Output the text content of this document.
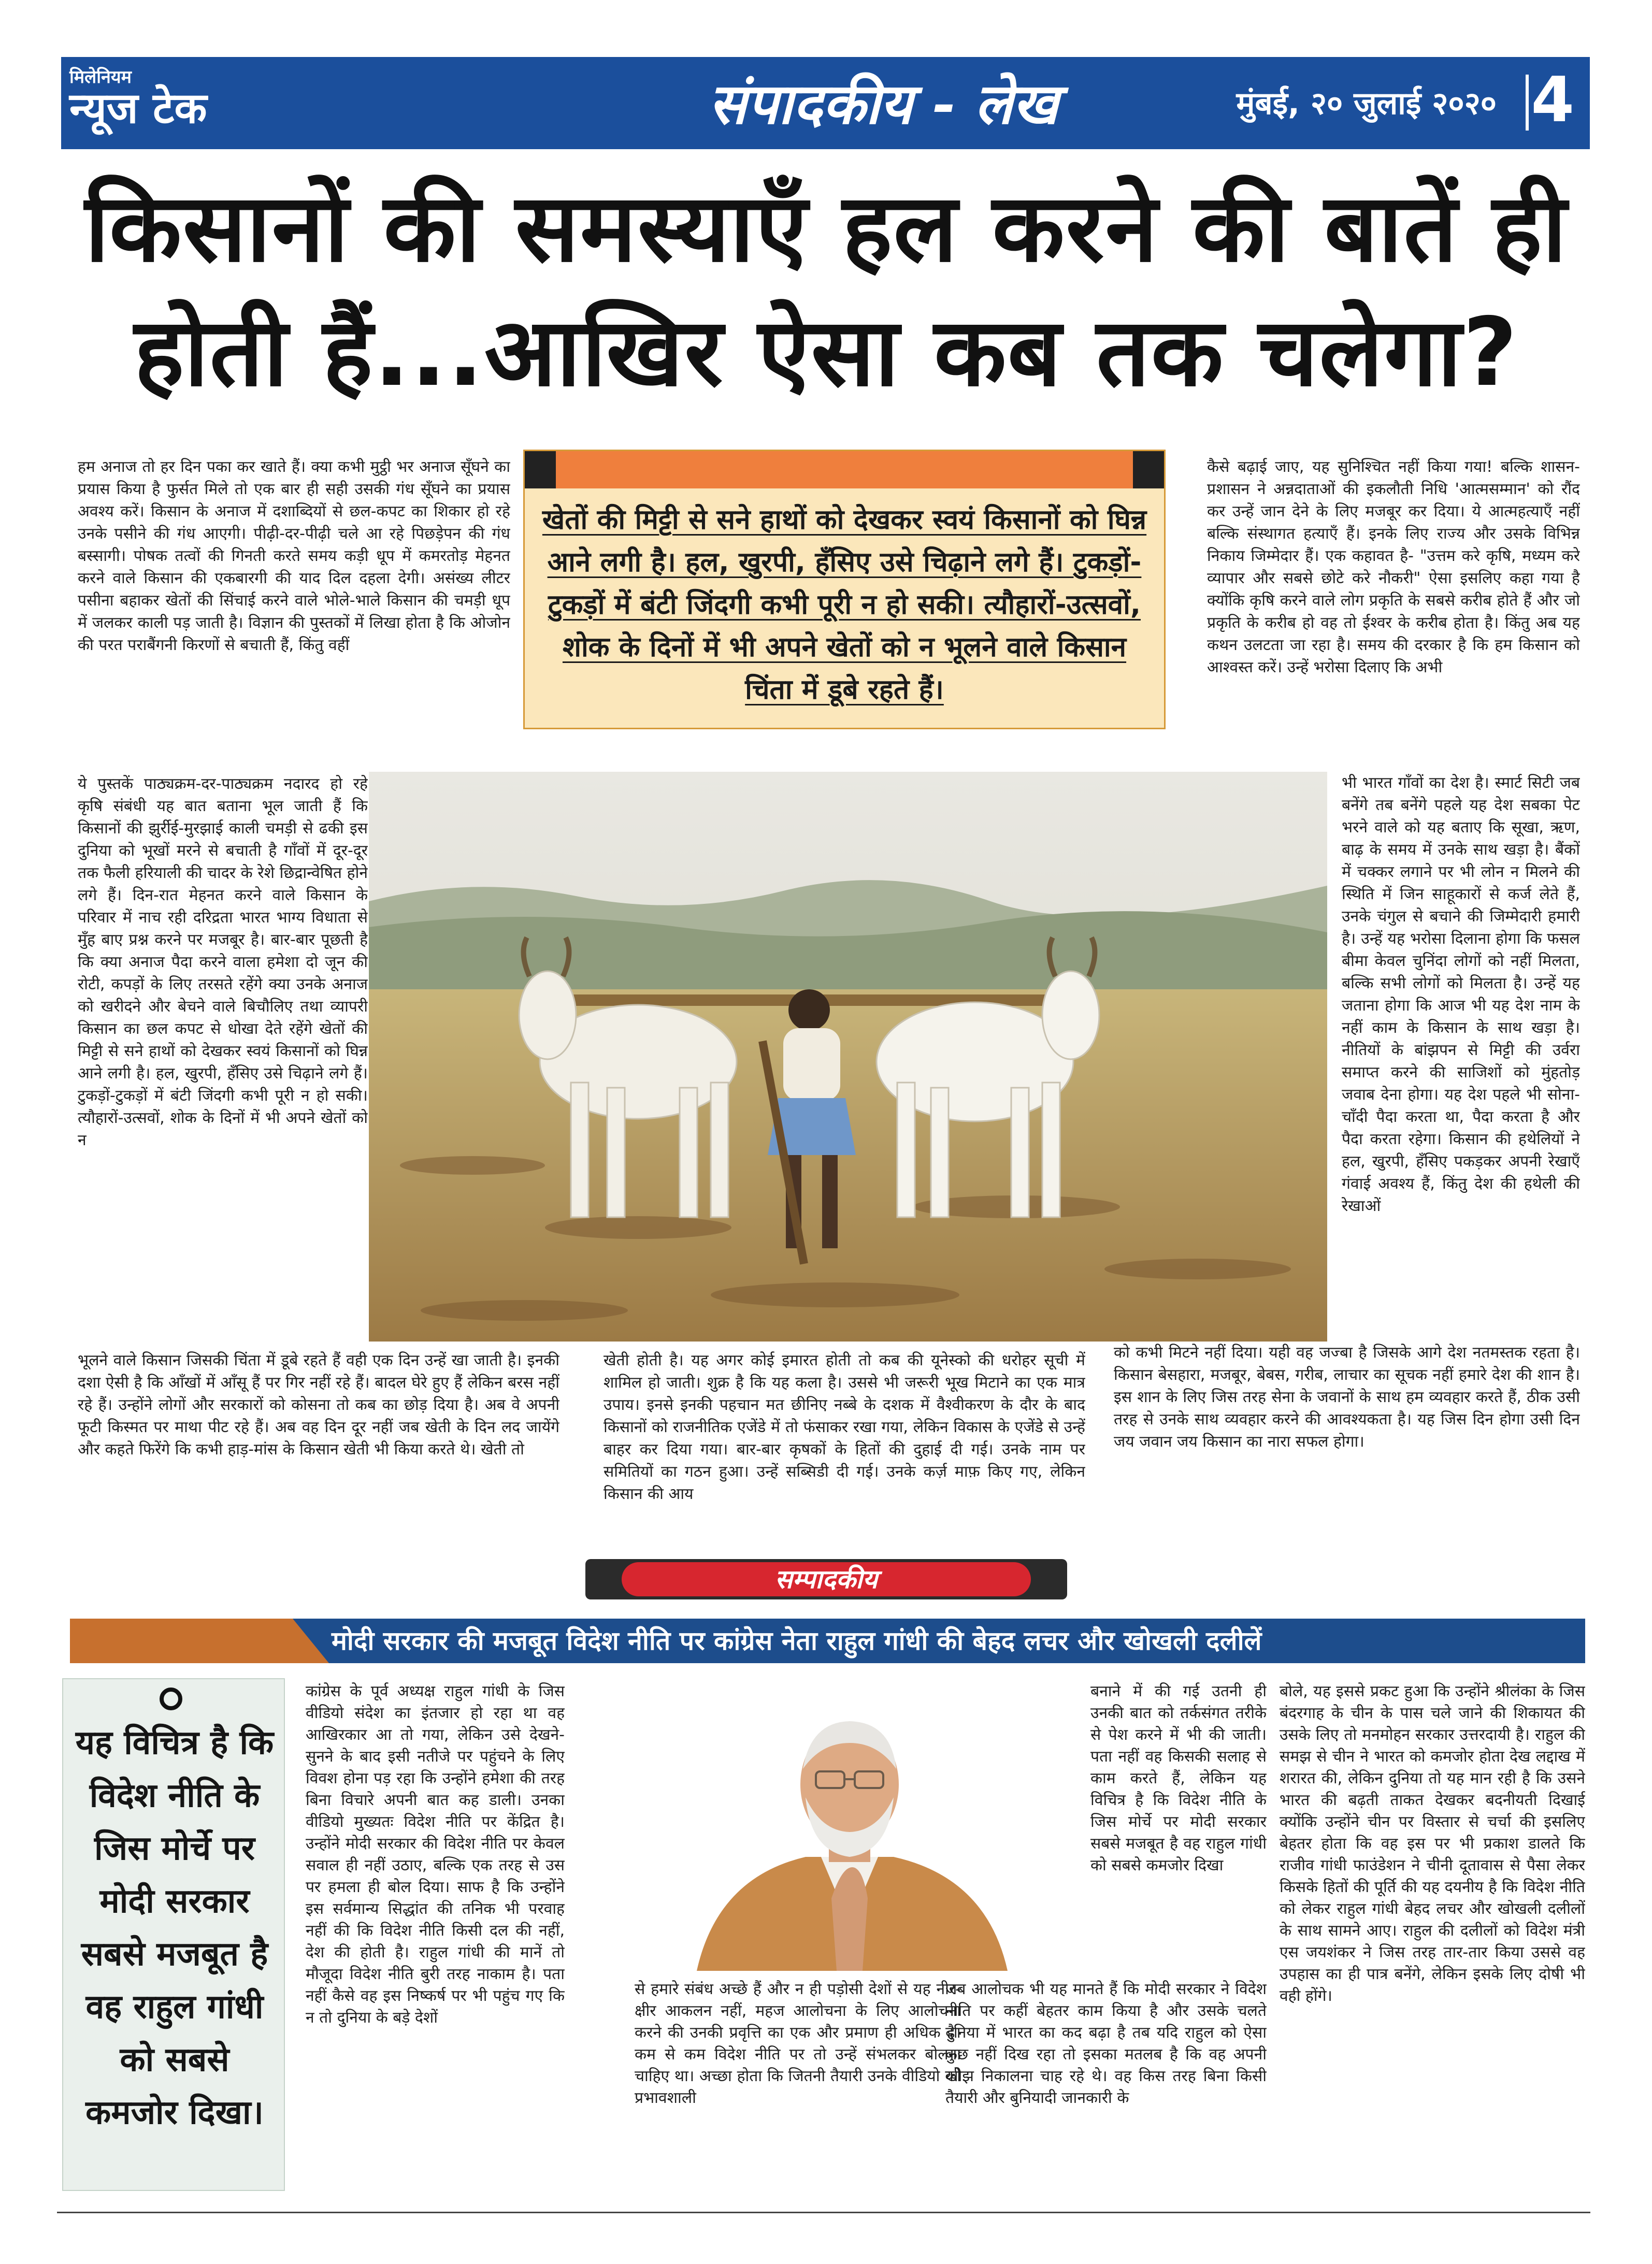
मिलेनियम
न्यूज टेक	संपादकीय - लेख	मुंबई, २० जुलाई २०२० 4
किसानों की समस्याएँ हल करने की बातें ही
होती हैं...आखिर ऐसा कब तक चलेगा?
हम अनाज तो हर दिन पका कर खाते हैं। क्या कभी मुट्ठी भर अनाज सूँघने का प्रयास किया है फुर्सत मिले तो एक बार ही सही उसकी गंध सूँघने का प्रयास अवश्य करें। किसान के अनाज में दशाब्दियों से छल-कपट का शिकार हो रहे उनके पसीने की गंध आएगी। पीढ़ी-दर-पीढ़ी चले आ रहे पिछड़ेपन की गंध बस्सागी। पोषक तत्वों की गिनती करते समय कड़ी धूप में कमरतोड़ मेहनत करने वाले किसान की एकबारगी की याद दिल दहला देगी। असंख्य लीटर पसीना बहाकर खेतों की सिंचाई करने वाले भोले-भाले किसान की चमड़ी धूप में जलकर काली पड़ जाती है। विज्ञान की पुस्तकों में लिखा होता है कि ओजोन की परत पराबैंगनी किरणों से बचाती हैं, किंतु वहीं
ये पुस्तकें पाठ्यक्रम-दर-पाठ्यक्रम नदारद हो रहे कृषि संबंधी यह बात बताना भूल जाती हैं कि किसानों की झुर्रीई-मुरझाई काली चमड़ी से ढकी इस दुनिया को भूखों मरने से बचाती है गाँवों में दूर-दूर तक फैली हरियाली की चादर के रेशे छिद्रान्वेषित होने लगे हैं। दिन-रात मेहनत करने वाले किसान के परिवार में नाच रही दरिद्रता भारत भाग्य विधाता से मुँह बाए प्रश्न करने पर मजबूर है। बार-बार पूछती है कि क्या अनाज पैदा करने वाला हमेशा दो जून की रोटी, कपड़ों के लिए तरसते रहेंगे क्या उनके अनाज को खरीदने और बेचने वाले बिचौलिए तथा व्यापरी किसान का छल कपट से धोखा देते रहेंगे खेतों की मिट्टी से सने हाथों को देखकर स्वयं किसानों को घिन्न आने लगी है। हल, खुरपी, हँसिए उसे चिढ़ाने लगे हैं। टुकड़ों-टुकड़ों में बंटी जिंदगी कभी पूरी न हो सकी। त्यौहारों-उत्सवों, शोक के दिनों में भी अपने खेतों को न
भूलने वाले किसान जिसकी चिंता में डूबे रहते हैं वही एक दिन उन्हें खा जाती है। इनकी दशा ऐसी है कि आँखों में आँसू हैं पर गिर नहीं रहे हैं। बादल घेरे हुए हैं लेकिन बरस नहीं रहे हैं। उन्होंने लोगों और सरकारों को कोसना तो कब का छोड़ दिया है। अब वे अपनी फूटी किस्मत पर माथा पीट रहे हैं। अब वह दिन दूर नहीं जब खेती के दिन लद जायेंगे और कहते फिरेंगे कि कभी हाड़-मांस के किसान खेती भी किया करते थे। खेती तो
खेती होती है। यह अगर कोई इमारत होती तो कब की यूनेस्को की धरोहर सूची में शामिल हो जाती। शुक्र है कि यह कला है। उससे भी जरूरी भूख मिटाने का एक मात्र उपाय। इनसे इनकी पहचान मत छीनिए नब्बे के दशक में वैश्वीकरण के दौर के बाद किसानों को राजनीतिक एजेंडे में तो फंसाकर रखा गया, लेकिन विकास के एजेंडे से उन्हें बाहर कर दिया गया। बार-बार कृषकों के हितों की दुहाई दी गई। उनके नाम पर समितियों का गठन हुआ। उन्हें सब्सिडी दी गई। उनके कर्ज़ माफ़ किए गए, लेकिन किसान की आय
कैसे बढ़ाई जाए, यह सुनिश्चित नहीं किया गया! बल्कि शासन-प्रशासन ने अन्नदाताओं की इकलौती निधि 'आत्मसम्मान' को रौंद कर उन्हें जान देने के लिए मजबूर कर दिया। ये आत्महत्याएँ नहीं बल्कि संस्थागत हत्याएँ हैं। इनके लिए राज्य और उसके विभिन्न निकाय जिम्मेदार हैं। एक कहावत है- "उत्तम करे कृषि, मध्यम करे व्यापार और सबसे छोटे करे नौकरी" ऐसा इसलिए कहा गया है क्योंकि कृषि करने वाले लोग प्रकृति के सबसे करीब होते हैं और जो प्रकृति के करीब हो वह तो ईश्वर के करीब होता है। किंतु अब यह कथन उलटता जा रहा है। समय की दरकार है कि हम किसान को आश्वस्त करें। उन्हें भरोसा दिलाए कि अभी
भी भारत गाँवों का देश है। स्मार्ट सिटी जब बनेंगे तब बनेंगे पहले यह देश सबका पेट भरने वाले को यह बताए कि सूखा, ऋण, बाढ़ के समय में उनके साथ खड़ा है। बैंकों में चक्कर लगाने पर भी लोन न मिलने की स्थिति में जिन साहूकारों से कर्ज लेते हैं, उनके चंगुल से बचाने की जिम्मेदारी हमारी है। उन्हें यह भरोसा दिलाना होगा कि फसल बीमा केवल चुनिंदा लोगों को नहीं मिलता, बल्कि सभी लोगों को मिलता है। उन्हें यह जताना होगा कि आज भी यह देश नाम के नहीं काम के किसान के साथ खड़ा है। नीतियों के बांझपन से मिट्टी की उर्वरा समाप्त करने की साजिशों को मुंहतोड़ जवाब देना होगा। यह देश पहले भी सोना-चाँदी पैदा करता था, पैदा करता है और पैदा करता रहेगा। किसान की हथेलियों ने हल, खुरपी, हँसिए पकड़कर अपनी रेखाएँ गंवाई अवश्य हैं, किंतु देश की हथेली की रेखाओं
को कभी मिटने नहीं दिया। यही वह जज्बा है जिसके आगे देश नतमस्तक रहता है। किसान बेसहारा, मजबूर, बेबस, गरीब, लाचार का सूचक नहीं हमारे देश की शान है। इस शान के लिए जिस तरह सेना के जवानों के साथ हम व्यवहार करते हैं, ठीक उसी तरह से उनके साथ व्यवहार करने की आवश्यकता है। यह जिस दिन होगा उसी दिन जय जवान जय किसान का नारा सफल होगा।
खेतों की मिट्टी से सने हाथों को देखकर स्वयं किसानों को घिन्न आने लगी है। हल, खुरपी, हँसिए उसे चिढ़ाने लगे हैं। टुकड़ों-टुकड़ों में बंटी जिंदगी कभी पूरी न हो सकी। त्यौहारों-उत्सवों, शोक के दिनों में भी अपने खेतों को न भूलने वाले किसान चिंता में डूबे रहते हैं।
सम्पादकीय
मोदी सरकार की मजबूत विदेश नीति पर कांग्रेस नेता राहुल गांधी की बेहद लचर और खोखली दलीलें
यह विचित्र है कि विदेश नीति के जिस मोर्चे पर मोदी सरकार सबसे मजबूत है वह राहुल गांधी को सबसे कमजोर दिखा।
कांग्रेस के पूर्व अध्यक्ष राहुल गांधी के जिस वीडियो संदेश का इंतजार हो रहा था वह आखिरकार आ तो गया, लेकिन उसे देखने-सुनने के बाद इसी नतीजे पर पहुंचने के लिए विवश होना पड़ रहा कि उन्होंने हमेशा की तरह बिना विचारे अपनी बात कह डाली। उनका वीडियो मुख्यतः विदेश नीति पर केंद्रित है। उन्होंने मोदी सरकार की विदेश नीति पर केवल सवाल ही नहीं उठाए, बल्कि एक तरह से उस पर हमला ही बोल दिया। साफ है कि उन्होंने इस सर्वमान्य सिद्धांत की तनिक भी परवाह नहीं की कि विदेश नीति किसी दल की नहीं, देश की होती है। राहुल गांधी की मानें तो मौजूदा विदेश नीति बुरी तरह नाकाम है। पता नहीं कैसे वह इस निष्कर्ष पर भी पहुंच गए कि न तो दुनिया के बड़े देशों
से हमारे संबंध अच्छे हैं और न ही पड़ोसी देशों से यह नीर-क्षीर आकलन नहीं, महज आलोचना के लिए आलोचना करने की उनकी प्रवृत्ति का एक और प्रमाण ही अधिक है।कम से कम विदेश नीति पर तो उन्हें संभलकर बोलना चाहिए था। अच्छा होता कि जितनी तैयारी उनके वीडियो को प्रभावशाली
बनाने में की गई उतनी ही उनकी बात को तर्कसंगत तरीके से पेश करने में भी की जाती। पता नहीं वह किसकी सलाह से काम करते हैं, लेकिन यह विचित्र है कि विदेश नीति के जिस मोर्चे पर मोदी सरकार सबसे मजबूत है वह राहुल गांधी को सबसे कमजोर दिखा
जब आलोचक भी यह मानते हैं कि मोदी सरकार ने विदेश नीति पर कहीं बेहतर काम किया है और उसके चलते दुनिया में भारत का कद बढ़ा है तब यदि राहुल को ऐसा कुछ नहीं दिख रहा तो इसका मतलब है कि वह अपनी खीझ निकालना चाह रहे थे। वह किस तरह बिना किसी तैयारी और बुनियादी जानकारी के
बोले, यह इससे प्रकट हुआ कि उन्होंने श्रीलंका के जिस बंदरगाह के चीन के पास चले जाने की शिकायत की उसके लिए तो मनमोहन सरकार उत्तरदायी है। राहुल की समझ से चीन ने भारत को कमजोर होता देख लद्दाख में शरारत की, लेकिन दुनिया तो यह मान रही है कि उसने भारत की बढ़ती ताकत देखकर बदनीयती दिखाई क्योंकि उन्होंने चीन पर विस्तार से चर्चा की इसलिए बेहतर होता कि वह इस पर भी प्रकाश डालते कि राजीव गांधी फाउंडेशन ने चीनी दूतावास से पैसा लेकर किसके हितों की पूर्ति की यह दयनीय है कि विदेश नीति को लेकर राहुल गांधी बेहद लचर और खोखली दलीलों के साथ सामने आए। राहुल की दलीलों को विदेश मंत्री एस जयशंकर ने जिस तरह तार-तार किया उससे वह उपहास का ही पात्र बनेंगे, लेकिन इसके लिए दोषी भी वही होंगे।
